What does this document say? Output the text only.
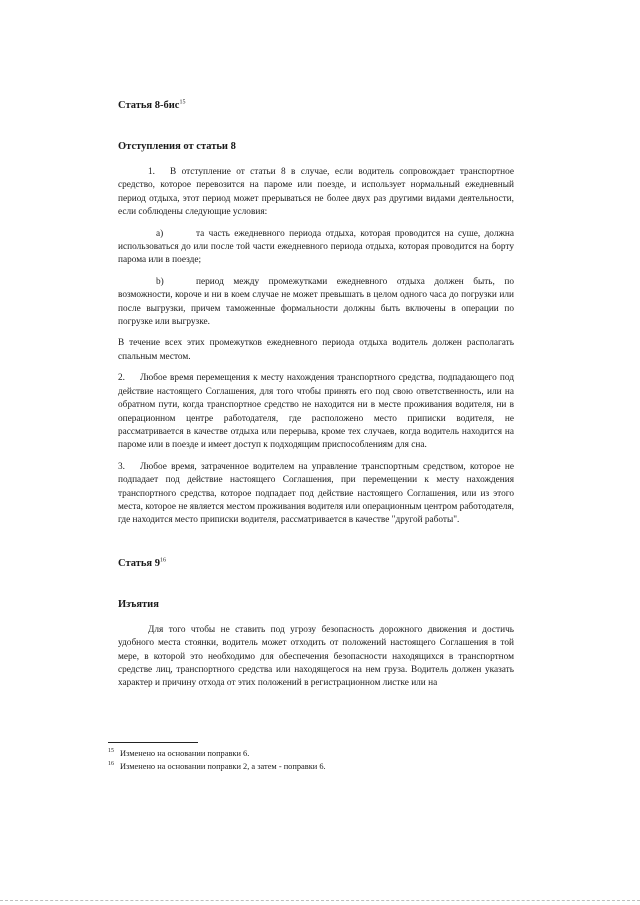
Статья 8-бис$^{15}$

Отступления от статьи 8

1. В отступление от статьи 8 в случае, если водитель сопровождает транспортное средство, которое перевозится на пароме или поезде, и использует нормальный ежедневный период отдыха, этот период может прерываться не более двух раз другими видами деятельности, если соблюдены следующие условия:

a)	та часть ежедневного периода отдыха, которая проводится на суше, должна использоваться до или после той части ежедневного периода отдыха, которая проводится на борту парома или в поезде;

b)	период между промежутками ежедневного отдыха должен быть, по возможности, короче и ни в коем случае не может превышать в целом одного часа до погрузки или после выгрузки, причем таможенные формальности должны быть включены в операции по погрузке или выгрузке.

В течение всех этих промежутков ежедневного периода отдыха водитель должен располагать спальным местом.

2. Любое время перемещения к месту нахождения транспортного средства, подпадающего под действие настоящего Соглашения, для того чтобы принять его под свою ответственность, или на обратном пути, когда транспортное средство не находится ни в месте проживания водителя, ни в операционном центре работодателя, где расположено место приписки водителя, не рассматривается в качестве отдыха или перерыва, кроме тех случаев, когда водитель находится на пароме или в поезде и имеет доступ к подходящим приспособлениям для сна.

3. Любое время, затраченное водителем на управление транспортным средством, которое не подпадает под действие настоящего Соглашения, при перемещении к месту нахождения транспортного средства, которое подпадает под действие настоящего Соглашения, или из этого места, которое не является местом проживания водителя или операционным центром работодателя, где находится место приписки водителя, рассматривается в качестве "другой работы".

Статья $9^{16}$

Изъятия

Для того чтобы не ставить под угрозу безопасность дорожного движения и достичь удобного места стоянки, водитель может отходить от положений настоящего Соглашения в той мере, в которой это необходимо для обеспечения безопасности находящихся в транспортном средстве лиц, транспортного средства или находящегося на нем груза. Водитель должен указать характер и причину отхода от этих положений в регистрационном листке или на

15 Изменено на основании поправки 6.
16 Изменено на основании поправки 2, а затем - поправки 6.
